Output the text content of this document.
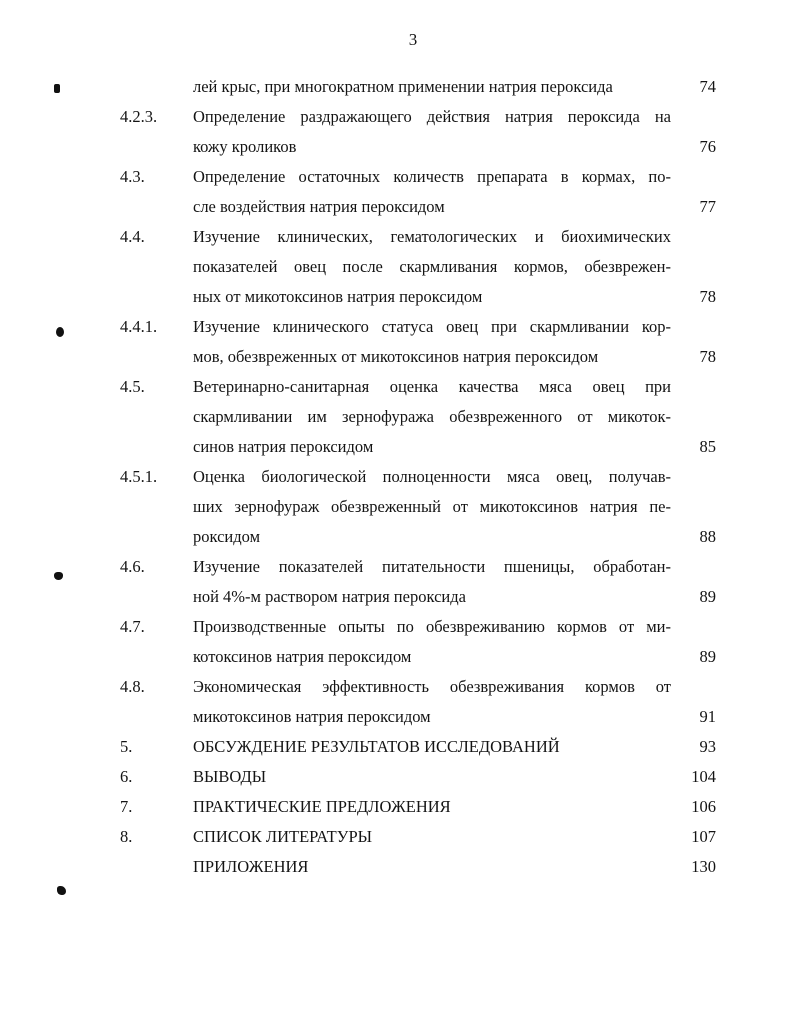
3
лей крыс, при многократном применении натрия пероксида	74
4.2.3. Определение раздражающего действия натрия пероксида на
кожу кроликов	76
4.3.	Определение остаточных количеств препарата в кормах, по-
сле воздействия натрия пероксидом	77
4.4.	Изучение клинических, гематологических и биохимических
показателей овец после скармливания кормов, обезврежен-
ных от микотоксинов натрия пероксидом	78
4.4.1. Изучение клинического статуса овец при скармливании кор-
мов, обезвреженных от микотоксинов натрия пероксидом	78
4.5.	Ветеринарно-санитарная оценка качества мяса овец при
скармливании им зернофуража обезвреженного от микоток-
синов натрия пероксидом	85
4.5.1. Оценка биологической полноценности мяса овец, получав-
ших зернофураж обезвреженный от микотоксинов натрия пе-
роксидом	88
4.6.	Изучение показателей питательности пшеницы, обработан-
ной 4%-м раствором натрия пероксида	89
4.7.	Производственные опыты по обезвреживанию кормов от ми-
котоксинов натрия пероксидом	89
4.8.	Экономическая эффективность обезвреживания кормов от
микотоксинов натрия пероксидом	91
5.	ОБСУЖДЕНИЕ РЕЗУЛЬТАТОВ ИССЛЕДОВАНИЙ	93
6.	ВЫВОДЫ	104
7.	ПРАКТИЧЕСКИЕ ПРЕДЛОЖЕНИЯ	106
8.	СПИСОК ЛИТЕРАТУРЫ	107
ПРИЛОЖЕНИЯ	130
